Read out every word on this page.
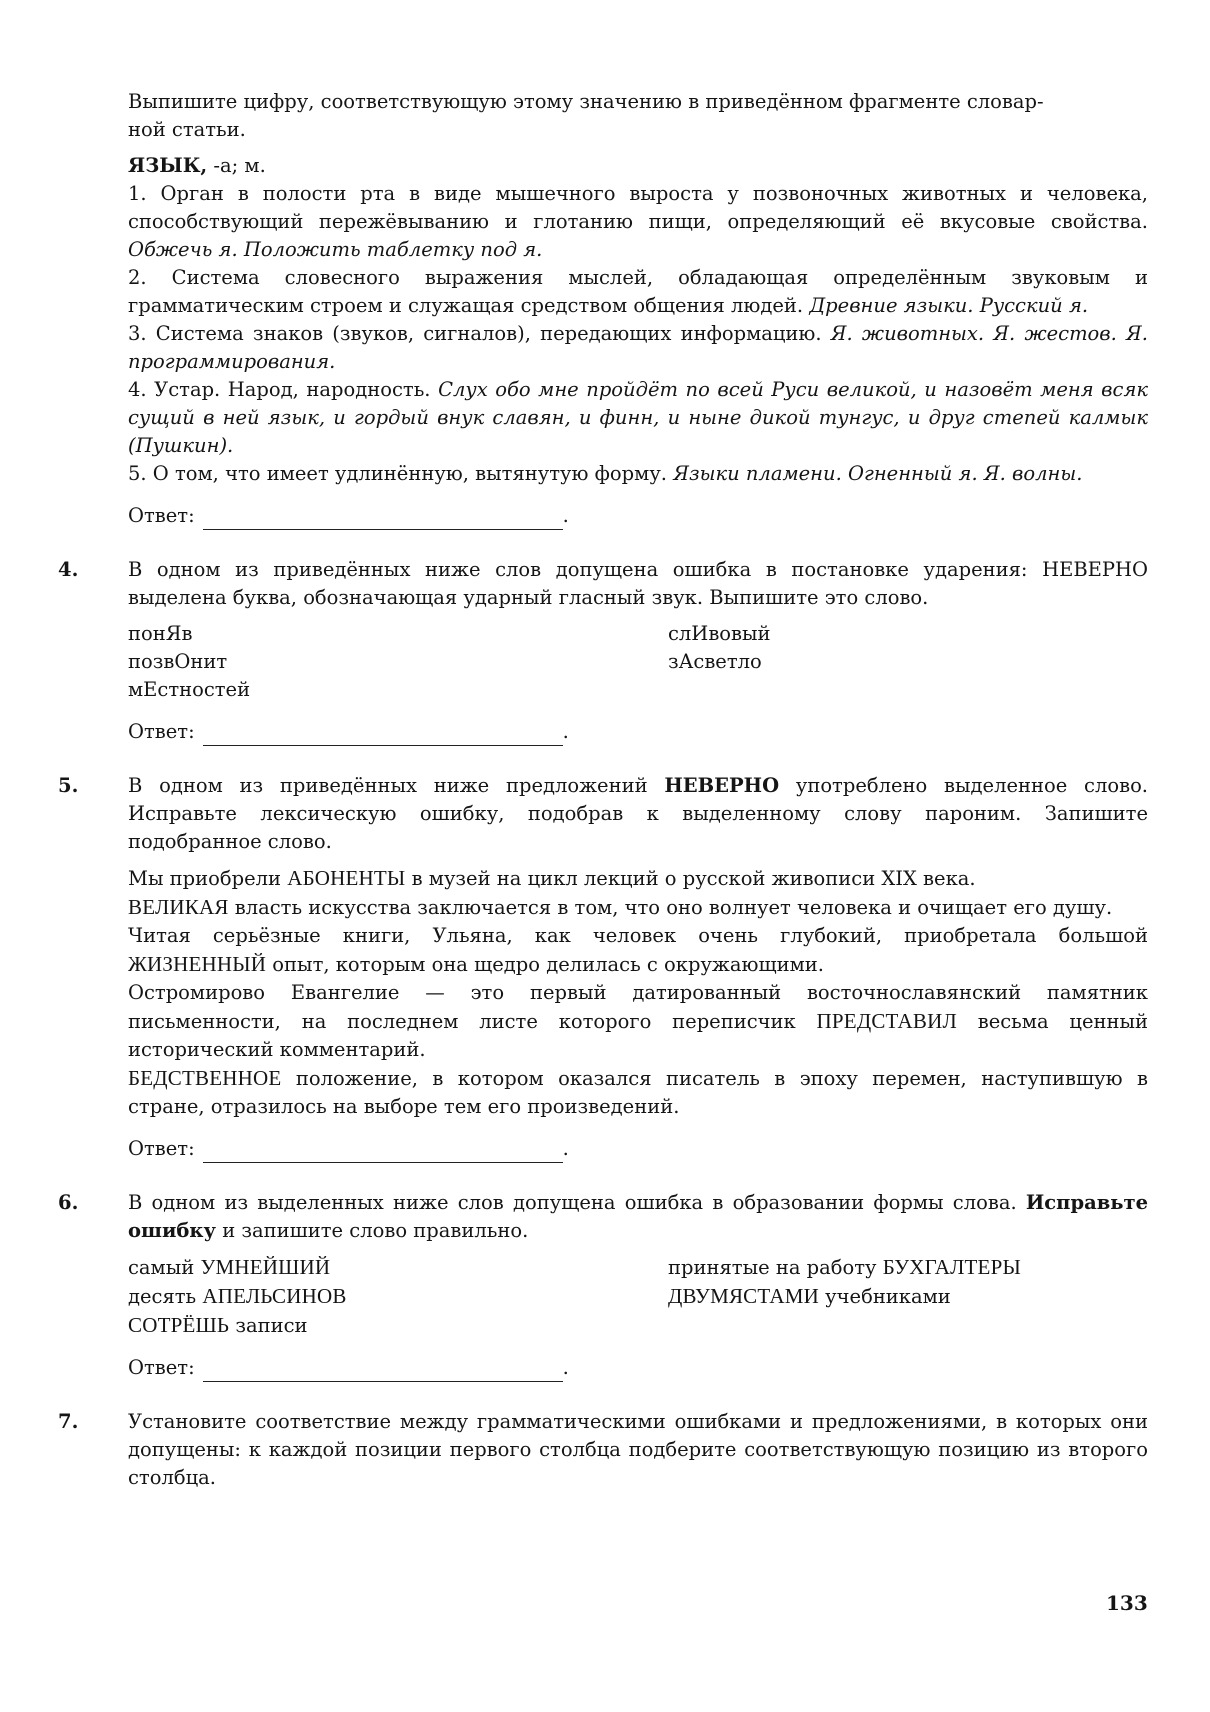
Выпишите цифру, соответствующую этому значению в приведённом фрагменте словар-
ной статьи.
ЯЗЫК, -а; м.
1. Орган в полости рта в виде мышечного выроста у позвоночных животных и человека, способствующий пережёвыванию и глотанию пищи, определяющий её вкусовые свойства. Обжечь я. Положить таблетку под я.
2. Система словесного выражения мыслей, обладающая определённым звуковым и грамматическим строем и служащая средством общения людей. Древние языки. Русский я.
3. Система знаков (звуков, сигналов), передающих информацию. Я. животных. Я. жестов. Я. программирования.
4. Устар. Народ, народность. Слух обо мне пройдёт по всей Руси великой, и назовёт меня всяк сущий в ней язык, и гордый внук славян, и финн, и ныне дикой тунгус, и друг степей калмык (Пушкин).
5. О том, что имеет удлинённую, вытянутую форму. Языки пламени. Огненный я. Я. волны.
Ответ:	.
4.	В одном из приведённых ниже слов допущена ошибка в постановке ударения: НЕВЕРНО выделена буква, обозначающая ударный гласный звук. Выпишите это слово.
понЯв
позвОнит
мЕстностей
слИвовый
зАсветло
Ответ:	.
5.	В одном из приведённых ниже предложений НЕВЕРНО употреблено выделенное слово. Исправьте лексическую ошибку, подобрав к выделенному слову пароним. Запишите подобранное слово.
Мы приобрели АБОНЕНТЫ в музей на цикл лекций о русской живописи XIX века.
ВЕЛИКАЯ власть искусства заключается в том, что оно волнует человека и очищает его душу.
Читая серьёзные книги, Ульяна, как человек очень глубокий, приобретала большой ЖИЗНЕННЫЙ опыт, которым она щедро делилась с окружающими.
Остромирово Евангелие — это первый датированный восточнославянский памятник письменности, на последнем листе которого переписчик ПРЕДСТАВИЛ весьма ценный исторический комментарий.
БЕДСТВЕННОЕ положение, в котором оказался писатель в эпоху перемен, наступившую в стране, отразилось на выборе тем его произведений.
Ответ:	.
6.	В одном из выделенных ниже слов допущена ошибка в образовании формы слова. Исправьте ошибку и запишите слово правильно.
самый УМНЕЙШИЙ
десять АПЕЛЬСИНОВ
СОТРЁШЬ записи
принятые на работу БУХГАЛТЕРЫ
ДВУМЯСТАМИ учебниками
Ответ:	.
7.	Установите соответствие между грамматическими ошибками и предложениями, в которых они допущены: к каждой позиции первого столбца подберите соответствующую позицию из второго столбца.
133
